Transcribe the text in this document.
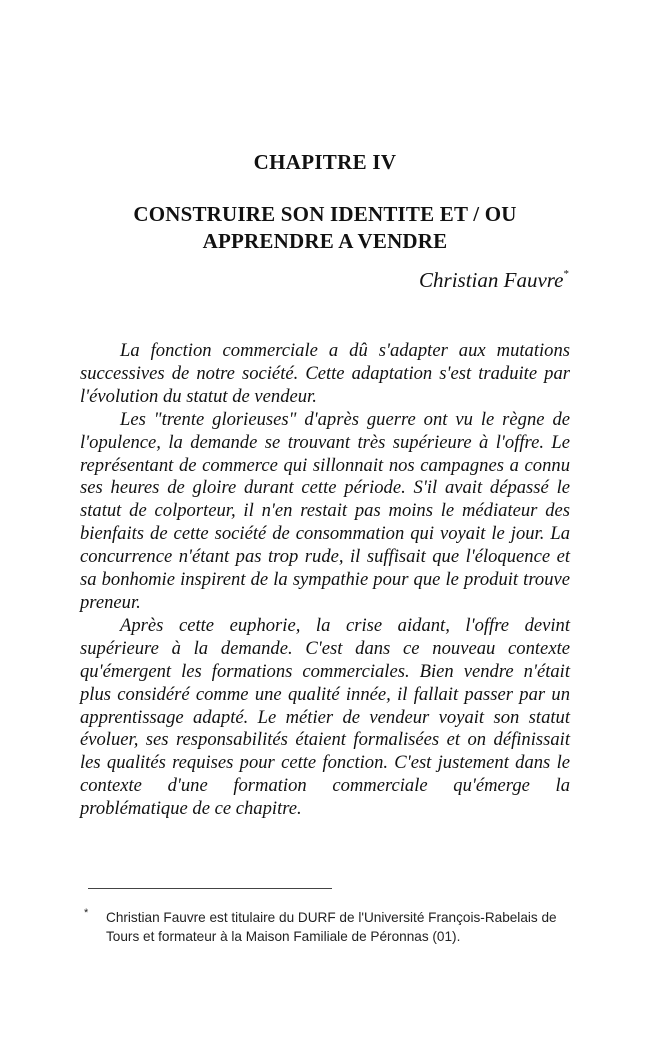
CHAPITRE IV
CONSTRUIRE SON IDENTITE ET / OU
APPRENDRE A VENDRE
Christian Fauvre*

La fonction commerciale a dû s'adapter aux mutations successives de notre société. Cette adaptation s'est traduite par l'évolution du statut de vendeur.

Les "trente glorieuses" d'après guerre ont vu le règne de l'opulence, la demande se trouvant très supérieure à l'offre. Le représentant de commerce qui sillonnait nos campagnes a connu ses heures de gloire durant cette période. S'il avait dépassé le statut de colporteur, il n'en restait pas moins le médiateur des bienfaits de cette société de consommation qui voyait le jour. La concurrence n'étant pas trop rude, il suffisait que l'éloquence et sa bonhomie inspirent de la sympathie pour que le produit trouve preneur.

Après cette euphorie, la crise aidant, l'offre devint supérieure à la demande. C'est dans ce nouveau contexte qu'émergent les formations commerciales. Bien vendre n'était plus considéré comme une qualité innée, il fallait passer par un apprentissage adapté. Le métier de vendeur voyait son statut évoluer, ses responsabilités étaient formalisées et on définissait les qualités requises pour cette fonction. C'est justement dans le contexte d'une formation commerciale qu'émerge la problématique de ce chapitre.

*	Christian Fauvre est titulaire du DURF de l'Université François-Rabelais de Tours et formateur à la Maison Familiale de Péronnas (01).
